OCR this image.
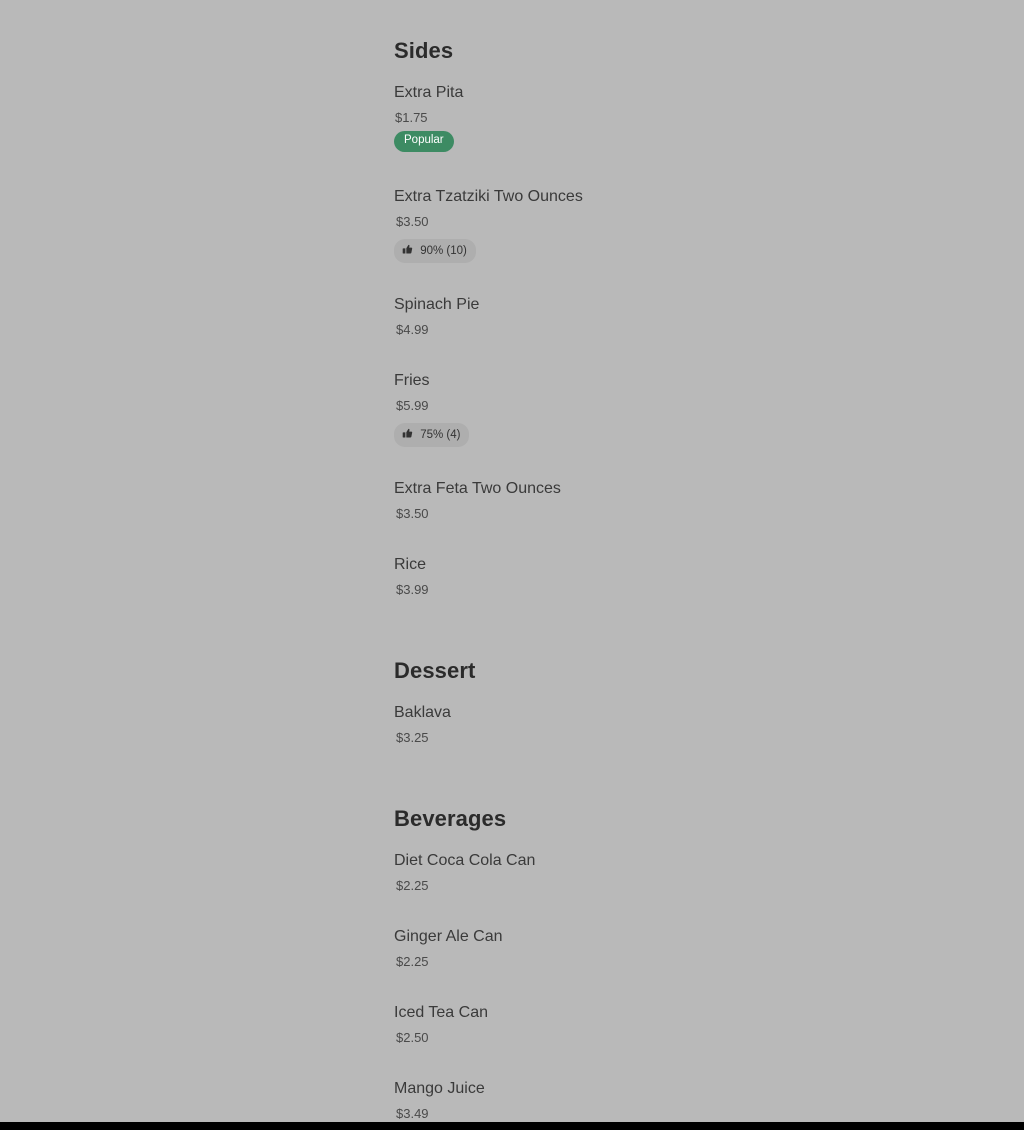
Sides
Extra Pita
$1.75
Popular
Extra Tzatziki Two Ounces
$3.50
90% (10)
Spinach Pie
$4.99
Fries
$5.99
75% (4)
Extra Feta Two Ounces
$3.50
Rice
$3.99
Dessert
Baklava
$3.25
Beverages
Diet Coca Cola Can
$2.25
Ginger Ale Can
$2.25
Iced Tea Can
$2.50
Mango Juice
$3.49
